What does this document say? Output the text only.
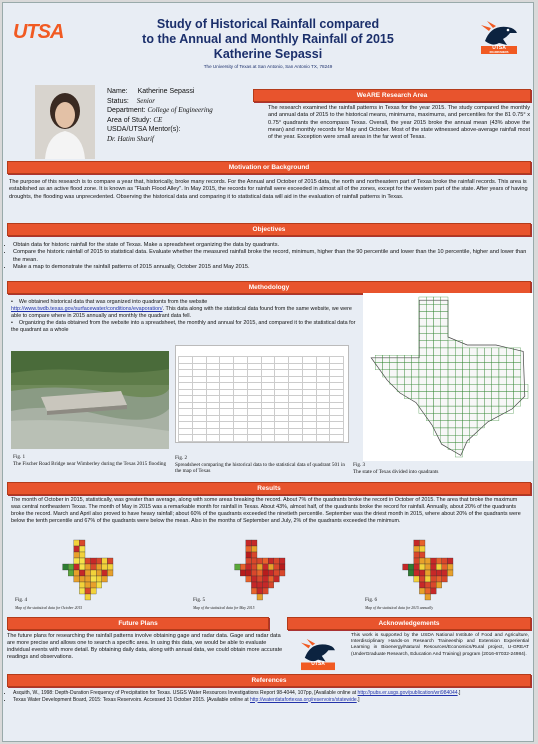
UTSA	Study of Historical Rainfall compared
to the Annual and Monthly Rainfall of 2015
Katherine Sepassi
The University of Texas at San Antonio, San Antonio TX, 78249
UTSA
ROADRUNNERS
Name: Katherine Sepassi
Status: Senior
Department: College of Engineering
Area of Study: CE
USDA/UTSA Mentor(s):
Dr. Hatim Sharif
WeARE Research Area
The research examined the rainfall patterns in Texas for the year 2015. The study compared the monthly and annual data of 2015 to the historical means, minimums, maximums, and percentiles for the 81 0.75° x 0.75° quadrants the encompass Texas. Overall, the year 2015 broke the annual mean (43% above the mean) and monthly records for May and October. Most of the state witnessed above-average rainfall most of the year. Exception were small areas in the far west of Texas.
Motivation or Background
The purpose of this research is to compare a year that, historically, broke many records. For the Annual and October of 2015 data, the north and northeastern part of Texas broke the rainfall records. This area is established as an active flood zone. It is known as "Flash Flood Alley". In May 2015, the records for rainfall were exceeded in almost all of the zones, except for the western part of the state. After years of having droughts, the flooding was unprecedented. Observing the historical data and comparing it to statistical data will aid in the evaluation of rainfall patterns in Texas.
Objectives
• Obtain data for historic rainfall for the state of Texas. Make a spreadsheet organizing the data by quadrants.
• Compare the historic rainfall of 2015 to statistical data. Evaluate whether the measured rainfall broke the record, minimum, higher than the 90 percentile and lower than the 10 percentile, higher and lower than the mean.
• Make a map to demonstrate the rainfall patterns of 2015 annually, October 2015 and May 2015.
Methodology
•    We obtained historical data that was organized into quadrants from the website http://www.twdb.texas.gov/surfacewater/conditions/evaporation/. This data along with the statistical data found from the same website, we were able to compare where in 2015 annually and monthly the quadrant data fell.
•    Organizing the data obtained from the website into a spreadsheet, the monthly and annual for 2015, and compared it to the statistical data for the quadrant as a whole
Fig. 1
The Fischer Road Bridge near Wimberley during the Texas 2015 flooding

Fig. 2
Spreadsheet comparing the historical data to the statistical data of quadrant 501 in the map of Texas
Fig. 3
The state of Texas divided into quadrants
Results
The month of October in 2015, statistically, was greater than average, along with some areas breaking the record. About 7% of the quadrants broke the record in October of 2015. The area that broke the maximum was central northeastern Texas. The month of May in 2015 was a remarkable month for rainfall in Texas. About 43%, almost half, of the quadrants broke the record for rainfall. Annually, about 20% of the quadrants broke the record. March and April also proved to have heavy rainfall; about 60% of the quadrants exceeded the ninetieth percentile. September was the driest month in 2015, where about 20% of the quadrants were below the tenth percentile and 67% of the quadrants were below the mean. Also in the months of September and July, 2% of the quadrants exceeded the minimum.
Fig. 4
Map of the statistical data for October 2015
Fig. 5
Map of the statistical data for May 2015
Fig. 6
Map of the statistical data for 2015 annually
Future Plans
The future plans for researching the rainfall patterns involve obtaining gage and radar data. Gage and radar data are more precise and allows one to search a specific area. In using this data, we would be able to evaluate individual events with more detail. By obtaining daily data, along with annual data, we could obtain more accurate readings and observations.
Acknowledgements
UTSA
This work is supported by the USDA National Institute of Food and Agriculture, Interdisciplinary Hands-on Research Traineeship and Extension Experiential Learning in Bioenergy/Natural Resources/Economics/Rural project, U-GREAT (UnderGraduate Research, Education And Training) program (2016-67032-24984).
References
• Asquith, W., 1998: Depth-Duration Frequency of Precipitation for Texas. USGS Water Resources Investigations Report 98-4044, 107pp, [Available online at http://pubs.er.usgs.gov/publication/wri984044.]
• Texas Water Development Board, 2015: Texas Reservoirs. Accessed 31 October 2015. [Available online at http://waterdatafortexas.org/reservoirs/statewide.]
